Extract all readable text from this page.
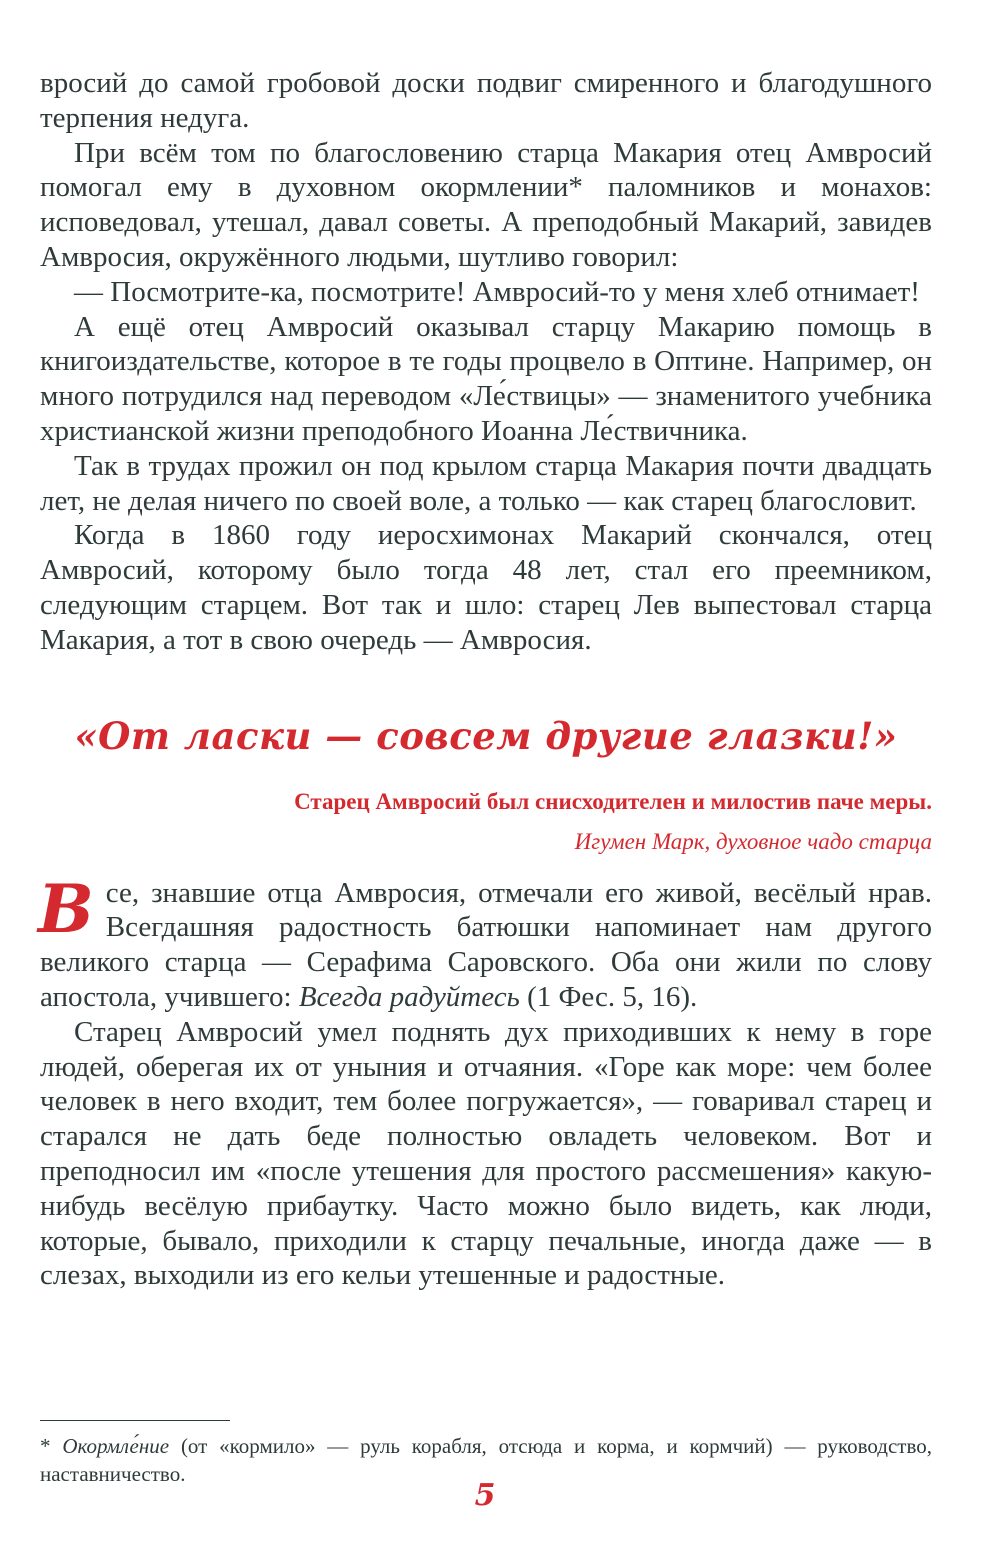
вросий до самой гробовой доски подвиг смиренного и благодушного терпения недуга.

При всём том по благословению старца Макария отец Амвросий помогал ему в духовном окормлении* паломников и монахов: исповедовал, утешал, давал советы. А преподобный Макарий, завидев Амвросия, окружённого людьми, шутливо говорил:

— Посмотрите-ка, посмотрите! Амвросий-то у меня хлеб отнимает!

А ещё отец Амвросий оказывал старцу Макарию помощь в книгоиздательстве, которое в те годы процвело в Оптине. Например, он много потрудился над переводом «Ле́ствицы» — знаменитого учебника христианской жизни преподобного Иоанна Ле́ствичника.

Так в трудах прожил он под крылом старца Макария почти двадцать лет, не делая ничего по своей воле, а только — как старец благословит.

Когда в 1860 году иеросхимонах Макарий скончался, отец Амвросий, которому было тогда 48 лет, стал его преемником, следующим старцем. Вот так и шло: старец Лев выпестовал старца Макария, а тот в свою очередь — Амвросия.

«От ласки — совсем другие глазки!»

Старец Амвросий был снисходителен и милостив паче меры.

Игумен Марк, духовное чадо старца

Все, знавшие отца Амвросия, отмечали его живой, весёлый нрав. Всегдашняя радостность батюшки напоминает нам другого великого старца — Серафима Саровского. Оба они жили по слову апостола, учившего: Всегда радуйтесь (1 Фес. 5, 16).

Старец Амвросий умел поднять дух приходивших к нему в горе людей, оберегая их от уныния и отчаяния. «Горе как море: чем более человек в него входит, тем более погружается», — говаривал старец и старался не дать беде полностью овладеть человеком. Вот и преподносил им «после утешения для простого рассмешения» какую-нибудь весёлую прибаутку. Часто можно было видеть, как люди, которые, бывало, приходили к старцу печальные, иногда даже — в слезах, выходили из его кельи утешенные и радостные.

* Окормле́ние (от «кормило» — руль корабля, отсюда и корма, и кормчий) — руководство, наставничество.

5
